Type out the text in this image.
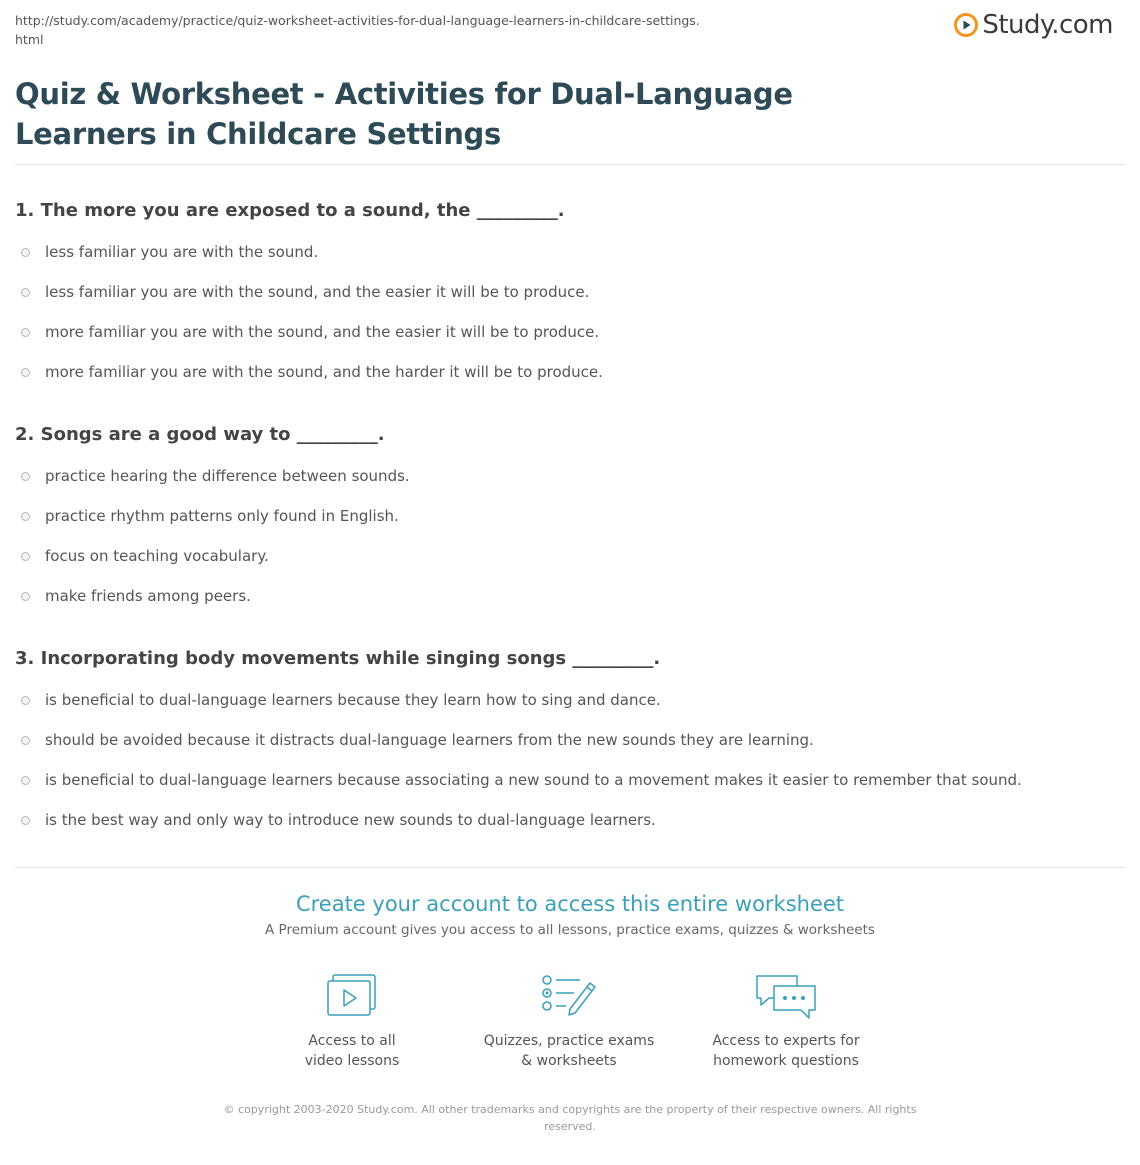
http://study.com/academy/practice/quiz-worksheet-activities-for-dual-language-learners-in-childcare-settings.html	Study.com
Quiz & Worksheet - Activities for Dual-Language Learners in Childcare Settings
1. The more you are exposed to a sound, the _________.
less familiar you are with the sound.
less familiar you are with the sound, and the easier it will be to produce.
more familiar you are with the sound, and the easier it will be to produce.
more familiar you are with the sound, and the harder it will be to produce.
2. Songs are a good way to _________.
practice hearing the difference between sounds.
practice rhythm patterns only found in English.
focus on teaching vocabulary.
make friends among peers.
3. Incorporating body movements while singing songs _________.
is beneficial to dual-language learners because they learn how to sing and dance.
should be avoided because it distracts dual-language learners from the new sounds they are learning.
is beneficial to dual-language learners because associating a new sound to a movement makes it easier to remember that sound.
is the best way and only way to introduce new sounds to dual-language learners.
Create your account to access this entire worksheet
A Premium account gives you access to all lessons, practice exams, quizzes & worksheets
Access to all
video lessons
Quizzes, practice exams
& worksheets
Access to experts for
homework questions
© copyright 2003-2020 Study.com. All other trademarks and copyrights are the property of their respective owners. All rights reserved.
